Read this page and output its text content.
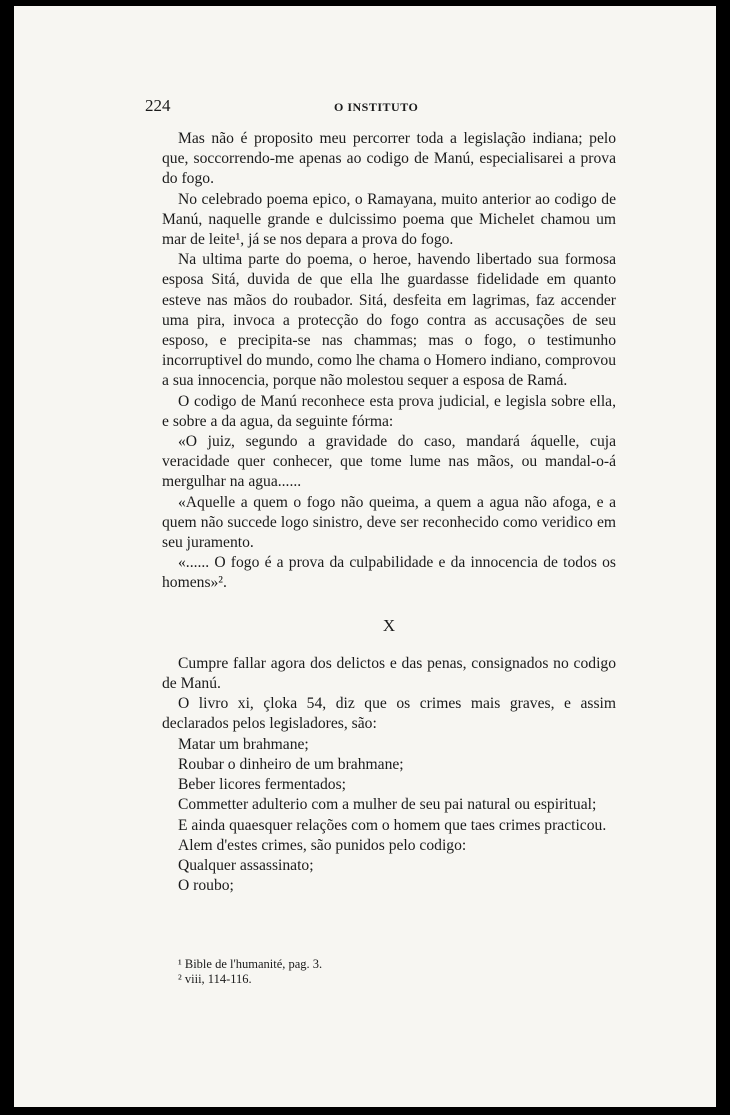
224	O INSTITUTO

Mas não é proposito meu percorrer toda a legislação indiana; pelo que, soccorrendo-me apenas ao codigo de Manú, especialisarei a prova do fogo.

No celebrado poema epico, o Ramayana, muito anterior ao codigo de Manú, naquelle grande e dulcissimo poema que Michelet chamou um mar de leite¹, já se nos depara a prova do fogo.

Na ultima parte do poema, o heroe, havendo libertado sua formosa esposa Sitá, duvida de que ella lhe guardasse fidelidade em quanto esteve nas mãos do roubador. Sitá, desfeita em lagrimas, faz accender uma pira, invoca a protecção do fogo contra as accusações de seu esposo, e precipita-se nas chammas; mas o fogo, o testimunho incorruptivel do mundo, como lhe chama o Homero indiano, comprovou a sua innocencia, porque não molestou sequer a esposa de Ramá.

O codigo de Manú reconhece esta prova judicial, e legisla sobre ella, e sobre a da agua, da seguinte fórma:

«O juiz, segundo a gravidade do caso, mandará áquelle, cuja veracidade quer conhecer, que tome lume nas mãos, ou mandal-o-á mergulhar na agua......

«Aquelle a quem o fogo não queima, a quem a agua não afoga, e a quem não succede logo sinistro, deve ser reconhecido como veridico em seu juramento.

«...... O fogo é a prova da culpabilidade e da innocencia de todos os homens»².

X

Cumpre fallar agora dos delictos e das penas, consignados no codigo de Manú.

O livro xi, çloka 54, diz que os crimes mais graves, e assim declarados pelos legisladores, são:

Matar um brahmane;

Roubar o dinheiro de um brahmane;

Beber licores fermentados;

Commetter adulterio com a mulher de seu pai natural ou espiritual;

E ainda quaesquer relações com o homem que taes crimes practicou.

Alem d'estes crimes, são punidos pelo codigo:

Qualquer assassinato;

O roubo;

¹ Bible de l'humanité, pag. 3.
² viii, 114-116.
